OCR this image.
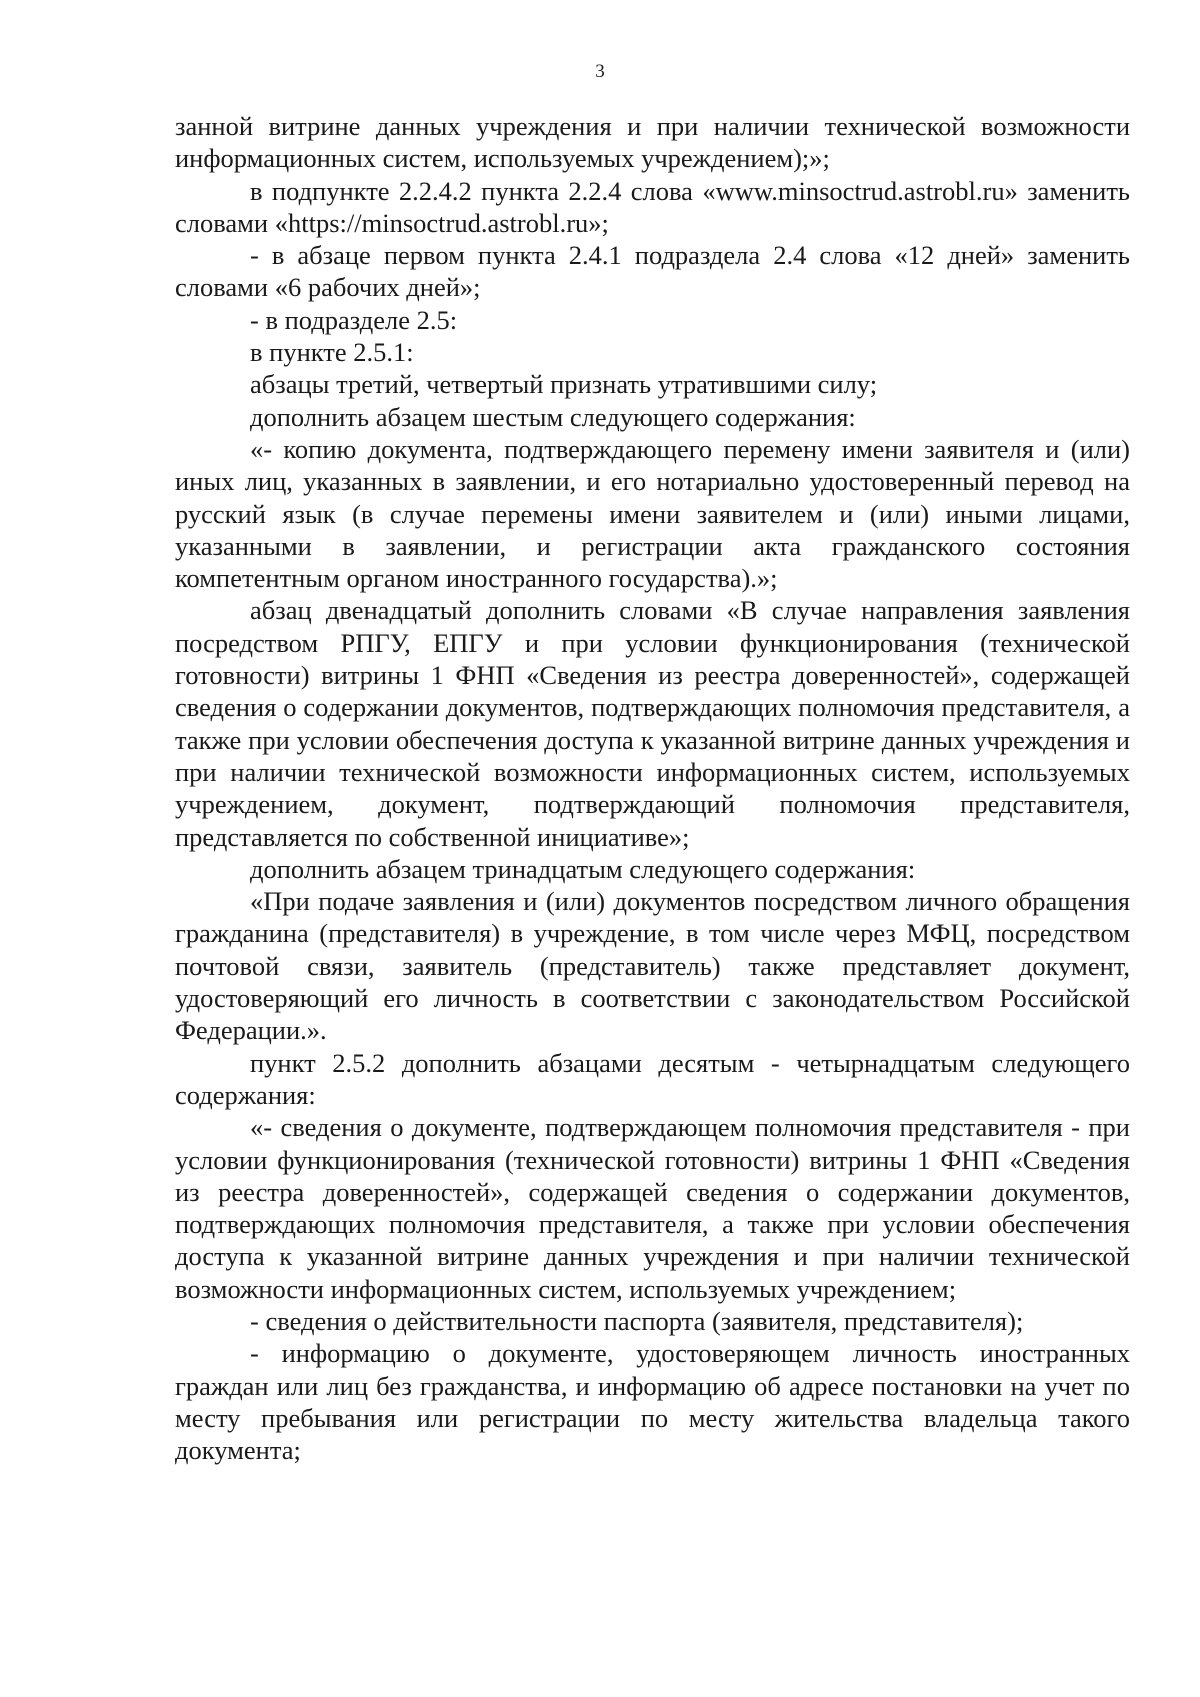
3

занной витрине данных учреждения и при наличии технической возможности информационных систем, используемых учреждением);»;

в подпункте 2.2.4.2 пункта 2.2.4 слова «www.minsoctrud.astrobl.ru» заменить словами «https://minsoctrud.astrobl.ru»;

- в абзаце первом пункта 2.4.1 подраздела 2.4 слова «12 дней» заменить словами «6 рабочих дней»;

- в подразделе 2.5:

в пункте 2.5.1:

абзацы третий, четвертый признать утратившими силу;

дополнить абзацем шестым следующего содержания:

«- копию документа, подтверждающего перемену имени заявителя и (или) иных лиц, указанных в заявлении, и его нотариально удостоверенный перевод на русский язык (в случае перемены имени заявителем и (или) иными лицами, указанными в заявлении, и регистрации акта гражданского состояния компетентным органом иностранного государства).»;

абзац двенадцатый дополнить словами «В случае направления заявления посредством РПГУ, ЕПГУ и при условии функционирования (технической готовности) витрины 1 ФНП «Сведения из реестра доверенностей», содержащей сведения о содержании документов, подтверждающих полномочия представителя, а также при условии обеспечения доступа к указанной витрине данных учреждения и при наличии технической возможности информационных систем, используемых учреждением, документ, подтверждающий полномочия представителя, представляется по собственной инициативе»;

дополнить абзацем тринадцатым следующего содержания:

«При подаче заявления и (или) документов посредством личного обращения гражданина (представителя) в учреждение, в том числе через МФЦ, посредством почтовой связи, заявитель (представитель) также представляет документ, удостоверяющий его личность в соответствии с законодательством Российской Федерации.».

пункт 2.5.2 дополнить абзацами десятым - четырнадцатым следующего содержания:

«- сведения о документе, подтверждающем полномочия представителя - при условии функционирования (технической готовности) витрины 1 ФНП «Сведения из реестра доверенностей», содержащей сведения о содержании документов, подтверждающих полномочия представителя, а также при условии обеспечения доступа к указанной витрине данных учреждения и при наличии технической возможности информационных систем, используемых учреждением;

- сведения о действительности паспорта (заявителя, представителя);

- информацию о документе, удостоверяющем личность иностранных граждан или лиц без гражданства, и информацию об адресе постановки на учет по месту пребывания или регистрации по месту жительства владельца такого документа;
